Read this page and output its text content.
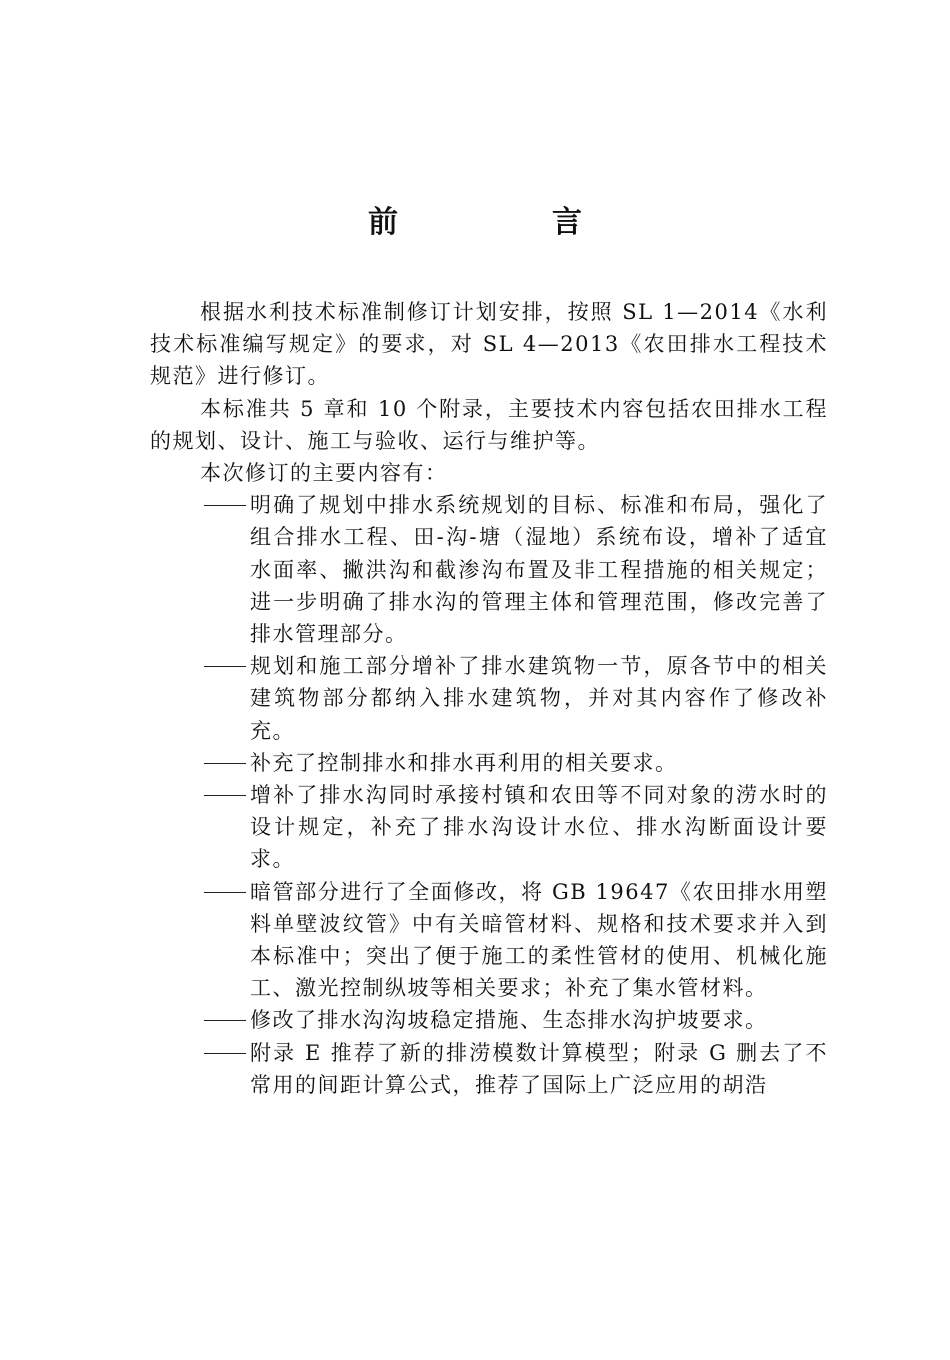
前　言

根据水利技术标准制修订计划安排，按照 SL 1—2014《水利技术标准编写规定》的要求，对 SL 4—2013《农田排水工程技术规范》进行修订。

本标准共 5 章和 10 个附录，主要技术内容包括农田排水工程的规划、设计、施工与验收、运行与维护等。

本次修订的主要内容有：

明确了规划中排水系统规划的目标、标准和布局，强化了组合排水工程、田-沟-塘（湿地）系统布设，增补了适宜水面率、撇洪沟和截渗沟布置及非工程措施的相关规定；进一步明确了排水沟的管理主体和管理范围，修改完善了排水管理部分。
规划和施工部分增补了排水建筑物一节，原各节中的相关建筑物部分都纳入排水建筑物，并对其内容作了修改补充。
补充了控制排水和排水再利用的相关要求。
增补了排水沟同时承接村镇和农田等不同对象的涝水时的设计规定，补充了排水沟设计水位、排水沟断面设计要求。
暗管部分进行了全面修改，将 GB 19647《农田排水用塑料单壁波纹管》中有关暗管材料、规格和技术要求并入到本标准中；突出了便于施工的柔性管材的使用、机械化施工、激光控制纵坡等相关要求；补充了集水管材料。
修改了排水沟沟坡稳定措施、生态排水沟护坡要求。
附录 E 推荐了新的排涝模数计算模型；附录 G 删去了不常用的间距计算公式，推荐了国际上广泛应用的胡浩
